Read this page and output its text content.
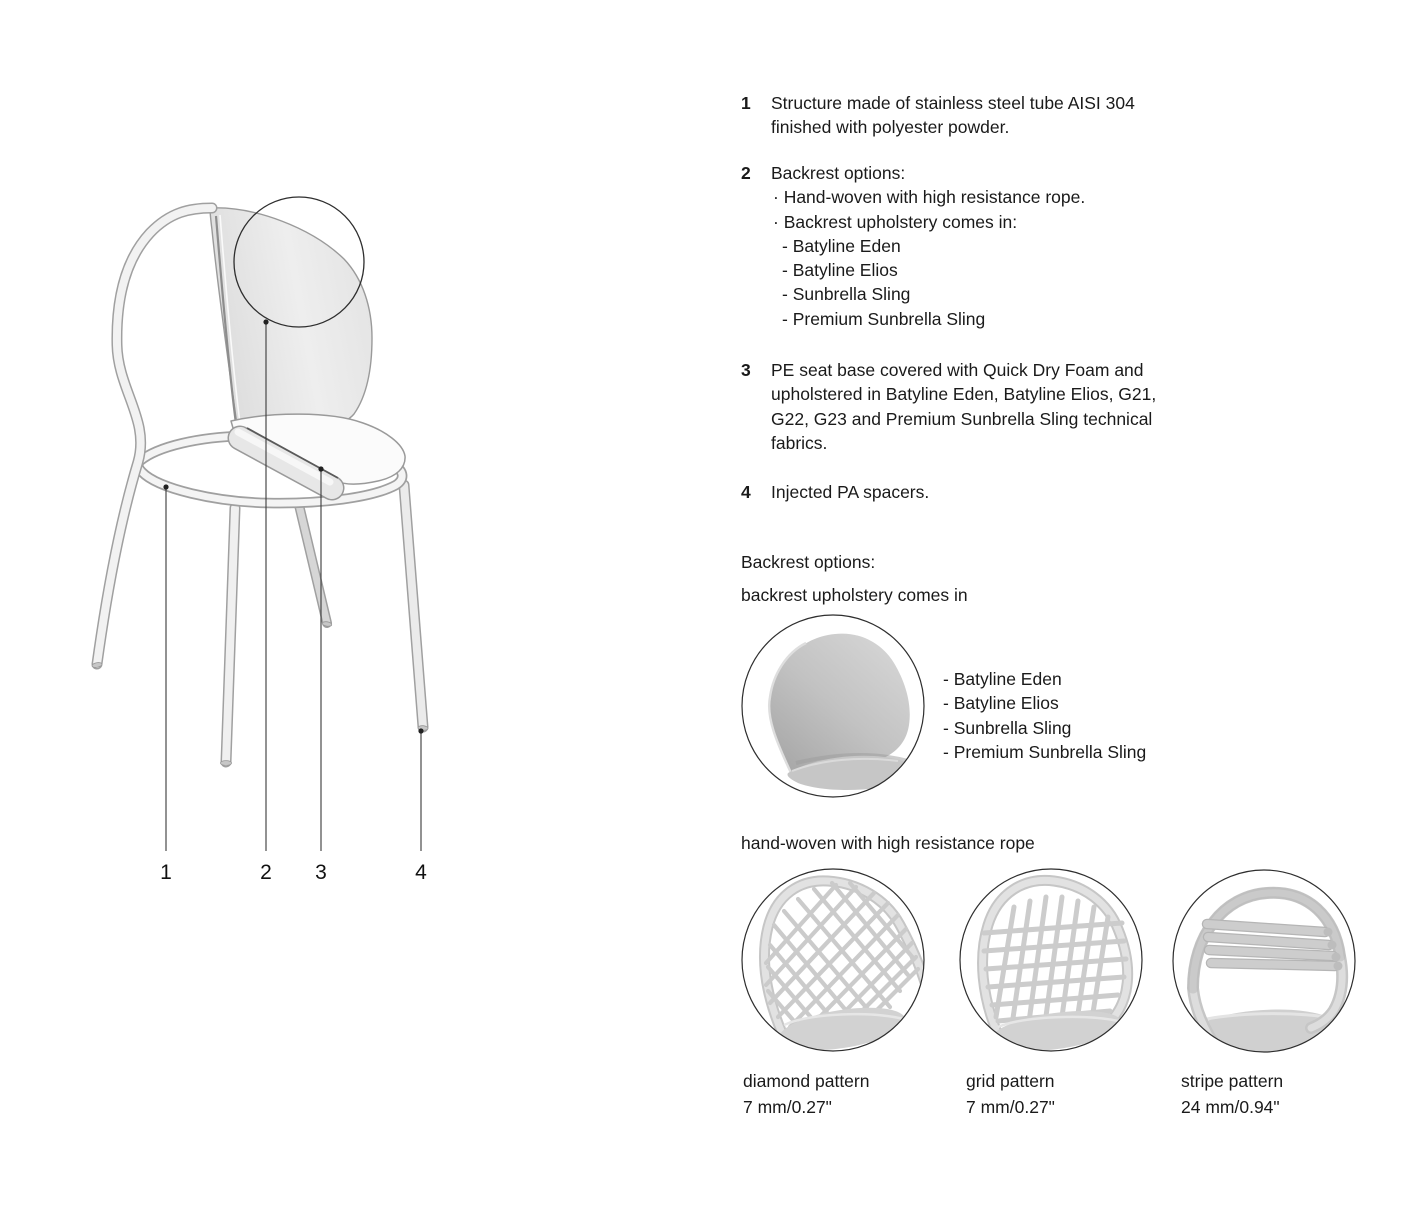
1	2 3	4
1 Structure made of stainless steel tube AISI 304
finished with polyester powder.
2 Backrest options:
· Hand-woven with high resistance rope.
· Backrest upholstery comes in:
- Batyline Eden
- Batyline Elios
- Sunbrella Sling
- Premium Sunbrella Sling
3 PE seat base covered with Quick Dry Foam and
upholstered in Batyline Eden, Batyline Elios, G21,
G22, G23 and Premium Sunbrella Sling technical
fabrics.
4 Injected PA spacers.
Backrest options:
backrest upholstery comes in
- Batyline Eden
- Batyline Elios
- Sunbrella Sling
- Premium Sunbrella Sling
hand-woven with high resistance rope
diamond pattern
7 mm/0.27"
grid pattern
7 mm/0.27"
stripe pattern
24 mm/0.94"
